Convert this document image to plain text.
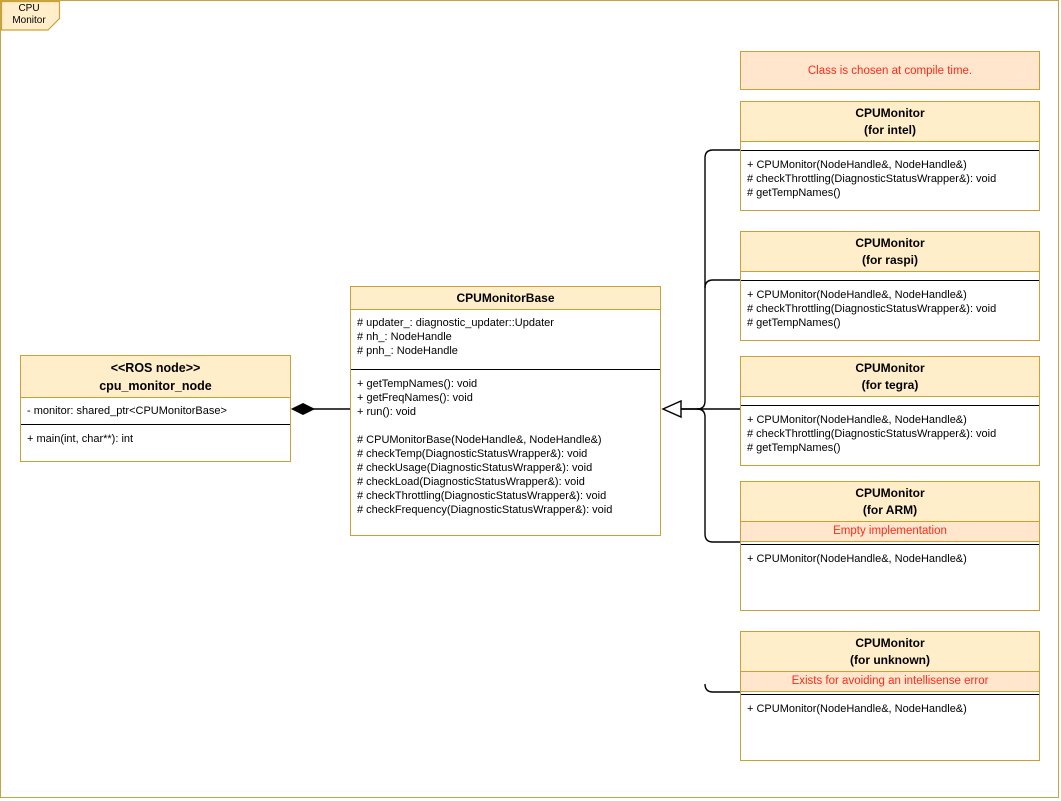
CPU Monitor
Class is chosen at compile time.
<<ROS node>>
cpu_monitor_node
- monitor: shared_ptr<CPUMonitorBase>
+ main(int, char**): int
CPUMonitorBase
# updater_: diagnostic_updater::Updater
# nh_: NodeHandle
# pnh_: NodeHandle
+ getTempNames(): void
+ getFreqNames(): void
+ run(): void
# CPUMonitorBase(NodeHandle&, NodeHandle&)
# checkTemp(DiagnosticStatusWrapper&): void
# checkUsage(DiagnosticStatusWrapper&): void
# checkLoad(DiagnosticStatusWrapper&): void
# checkThrottling(DiagnosticStatusWrapper&): void
# checkFrequency(DiagnosticStatusWrapper&): void
CPUMonitor
(for intel)
+ CPUMonitor(NodeHandle&, NodeHandle&)
# checkThrottling(DiagnosticStatusWrapper&): void
# getTempNames()
CPUMonitor
(for raspi)
+ CPUMonitor(NodeHandle&, NodeHandle&)
# checkThrottling(DiagnosticStatusWrapper&): void
# getTempNames()
CPUMonitor
(for tegra)
+ CPUMonitor(NodeHandle&, NodeHandle&)
# checkThrottling(DiagnosticStatusWrapper&): void
# getTempNames()
CPUMonitor
(for ARM)
Empty implementation
+ CPUMonitor(NodeHandle&, NodeHandle&)
CPUMonitor
(for unknown)
Exists for avoiding an intellisense error
+ CPUMonitor(NodeHandle&, NodeHandle&)
